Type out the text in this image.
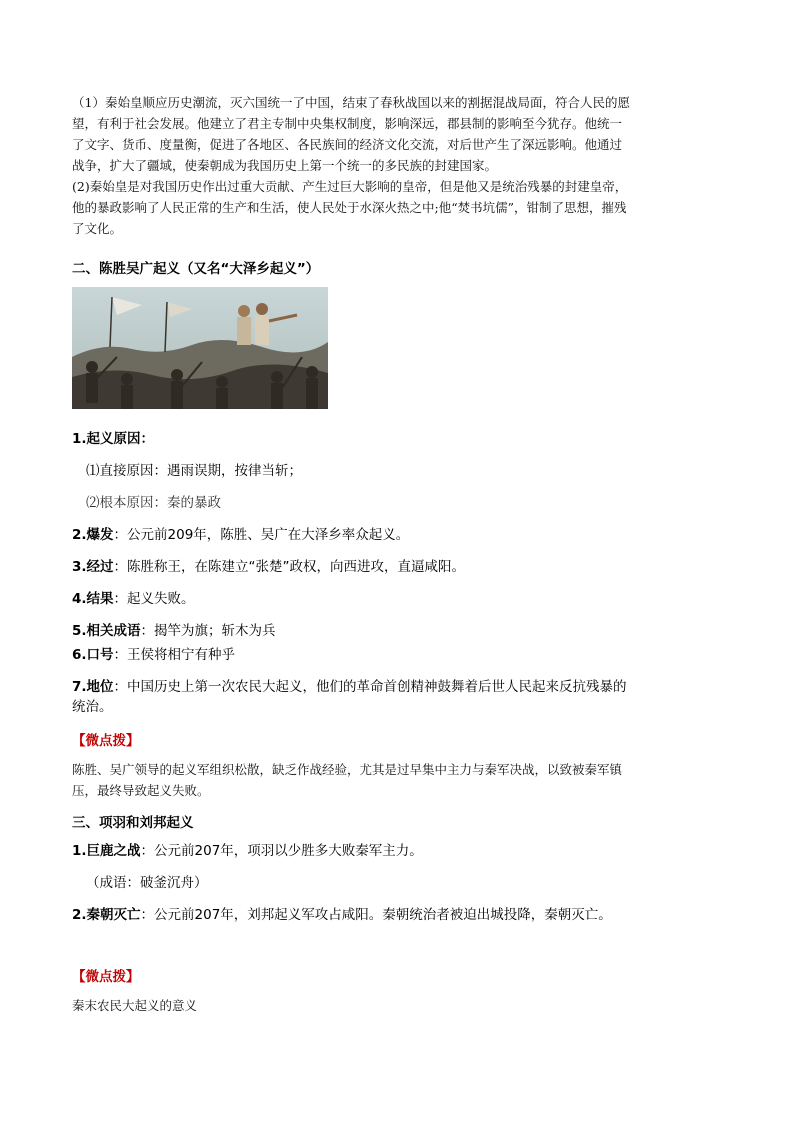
（1）秦始皇顺应历史潮流，灭六国统一了中国，结束了春秋战国以来的割据混战局面，符合人民的愿望，有利于社会发展。他建立了君主专制中央集权制度，影响深远，郡县制的影响至今犹存。他统一了文字、货币、度量衡，促进了各地区、各民族间的经济文化交流，对后世产生了深远影响。他通过战争，扩大了疆域，使秦朝成为我国历史上第一个统一的多民族的封建国家。

(2)秦始皇是对我国历史作出过重大贡献、产生过巨大影响的皇帝，但是他又是统治残暴的封建皇帝，他的暴政影响了人民正常的生产和生活，使人民处于水深火热之中;他“焚书坑儒”，钳制了思想，摧残了文化。

二、陈胜吴广起义（又名“大泽乡起义”）
1.起义原因：
⑴直接原因：遇雨误期，按律当斩；
⑵根本原因：秦的暴政
2.爆发：公元前209年，陈胜、吴广在大泽乡率众起义。
3.经过：陈胜称王，在陈建立“张楚”政权，向西进攻，直逼咸阳。
4.结果：起义失败。
5.相关成语：揭竿为旗；斩木为兵
6.口号：王侯将相宁有种乎
7.地位：中国历史上第一次农民大起义，他们的革命首创精神鼓舞着后世人民起来反抗残暴的统治。
【微点拨】

陈胜、吴广领导的起义军组织松散，缺乏作战经验，尤其是过早集中主力与秦军决战，以致被秦军镇压，最终导致起义失败。

三、项羽和刘邦起义
1.巨鹿之战：公元前207年，项羽以少胜多大败秦军主力。
（成语：破釜沉舟）
2.秦朝灭亡：公元前207年，刘邦起义军攻占咸阳。秦朝统治者被迫出城投降，秦朝灭亡。
【微点拨】

秦末农民大起义的意义
